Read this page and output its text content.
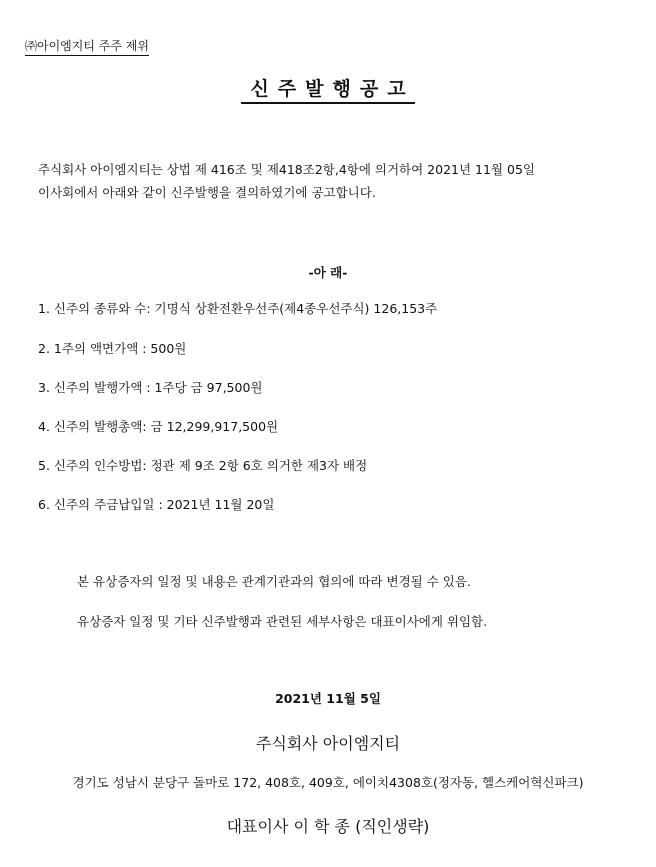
㈜아이엠지티 주주 제위
신주발행공고
주식회사 아이엠지티는 상법 제 416조 및 제418조2항,4항에 의거하여 2021년 11월 05일
이사회에서 아래와 같이 신주발행을 결의하였기에 공고합니다.
-아 래-
1. 신주의 종류와 수: 기명식 상환전환우선주(제4종우선주식) 126,153주
2. 1주의 액면가액 : 500원
3. 신주의 발행가액 : 1주당 금 97,500원
4. 신주의 발행총액: 금 12,299,917,500원
5. 신주의 인수방법: 정관 제 9조 2항 6호 의거한 제3자 배정
6. 신주의 주금납입일 : 2021년 11월 20일
본 유상증자의 일정 및 내용은 관계기관과의 협의에 따라 변경될 수 있음.
유상증자 일정 및 기타 신주발행과 관련된 세부사항은 대표이사에게 위임함.
2021년 11월 5일
주식회사 아이엠지티
경기도 성남시 분당구 돌마로 172, 408호, 409호, 에이치4308호(정자동, 헬스케어혁신파크)
대표이사 이 학 종 (직인생략)
